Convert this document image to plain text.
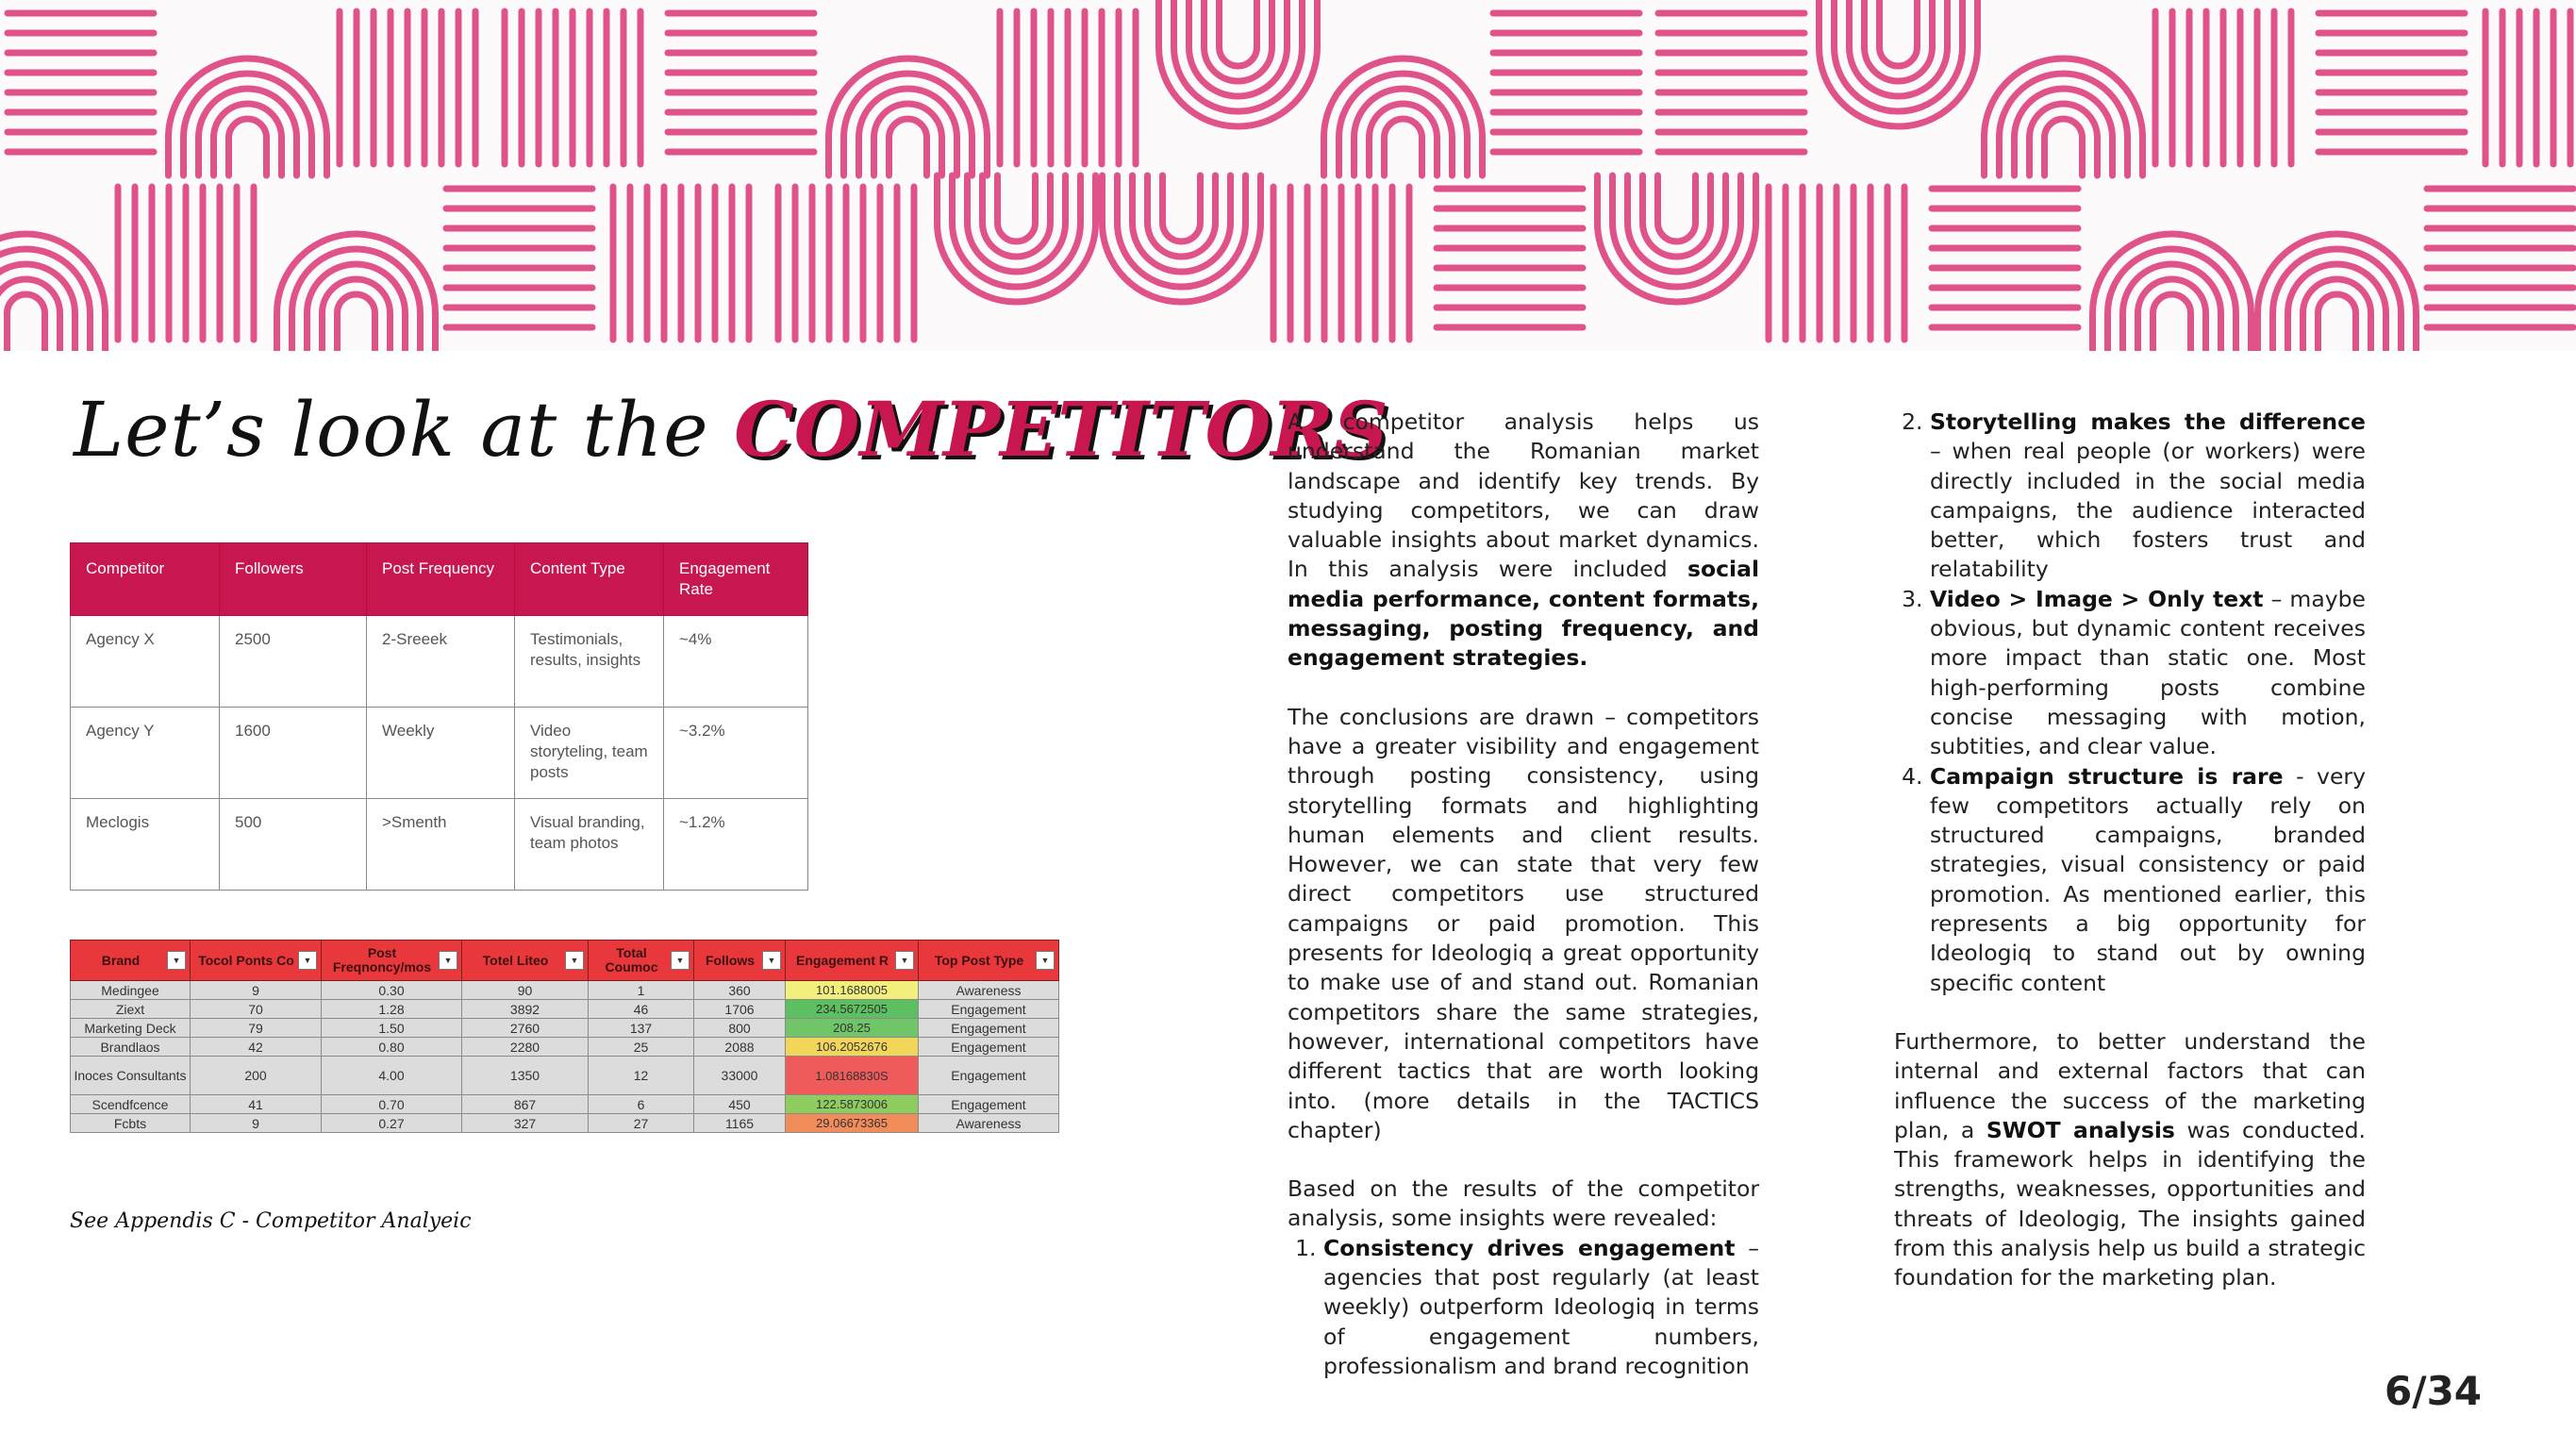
Let’s look at the COMPETITORS
Competitor	Followers	Post Frequency	Content Type	Engagement Rate
Agency X	2500	2-Sreeek	Testimonials, results, insights	~4%
Agency Y	1600	Weekly	Video storyteling, team posts	~3.2%
Meclogis	500	>Smenth	Visual branding, team photos	~1.2%
Brand ▼	Tocol Ponts Co ▼	Post Freqnoncy/mos ▼	Totel Liteo ▼	Total Coumoc ▼	Follows ▼	Engagement R ▼	Top Post Type ▼

Medingee	9	0.30	90	1	360	101.1688005	Awareness
Ziext	70	1.28	3892	46	1706	234.5672505	Engagement
Marketing Deck	79	1.50	2760	137	800	208.25	Engagement
Brandlaos	42	0.80	2280	25	2088	106.2052676	Engagement
Inoces Consultants	200	4.00	1350	12	33000	1.08168830S	Engagement
Scendfcence	41	0.70	867	6	450	122.5873006	Engagement
Fcbts	9	0.27	327	27	1165	29.06673365	Awareness
See Appendis C - Competitor Analyeic

A competitor analysis helps us understand the Romanian market landscape and identify key trends. By studying competitors, we can draw valuable insights about market dynamics. In this analysis were included social media performance, content formats, messaging, posting frequency, and engagement strategies.

The conclusions are drawn – competitors have a greater visibility and engagement through posting consistency, using storytelling formats and highlighting human elements and client results. However, we can state that very few direct competitors use structured campaigns or paid promotion. This presents for Ideologiq a great opportunity to make use of and stand out. Romanian competitors share the same strategies, however, international competitors have different tactics that are worth looking into. (more details in the TACTICS chapter)

Based on the results of the competitor analysis, some insights were revealed:

1. Consistency drives engagement – agencies that post regularly (at least weekly) outperform Ideologiq in terms of engagement numbers, professionalism and brand recognition
2. Storytelling makes the difference – when real people (or workers) were directly included in the social media campaigns, the audience interacted better, which fosters trust and relatability
3. Video > Image > Only text – maybe obvious, but dynamic content receives more impact than static one. Most high-performing posts combine concise messaging with motion, subtities, and clear value.
4. Campaign structure is rare - very few competitors actually rely on structured campaigns, branded strategies, visual consistency or paid promotion. As mentioned earlier, this represents a big opportunity for Ideologiq to stand out by owning specific content

Furthermore, to better understand the internal and external factors that can influence the success of the marketing plan, a SWOT analysis was conducted. This framework helps in identifying the strengths, weaknesses, opportunities and threats of Ideologig, The insights gained from this analysis help us build a strategic foundation for the marketing plan.

6/34
